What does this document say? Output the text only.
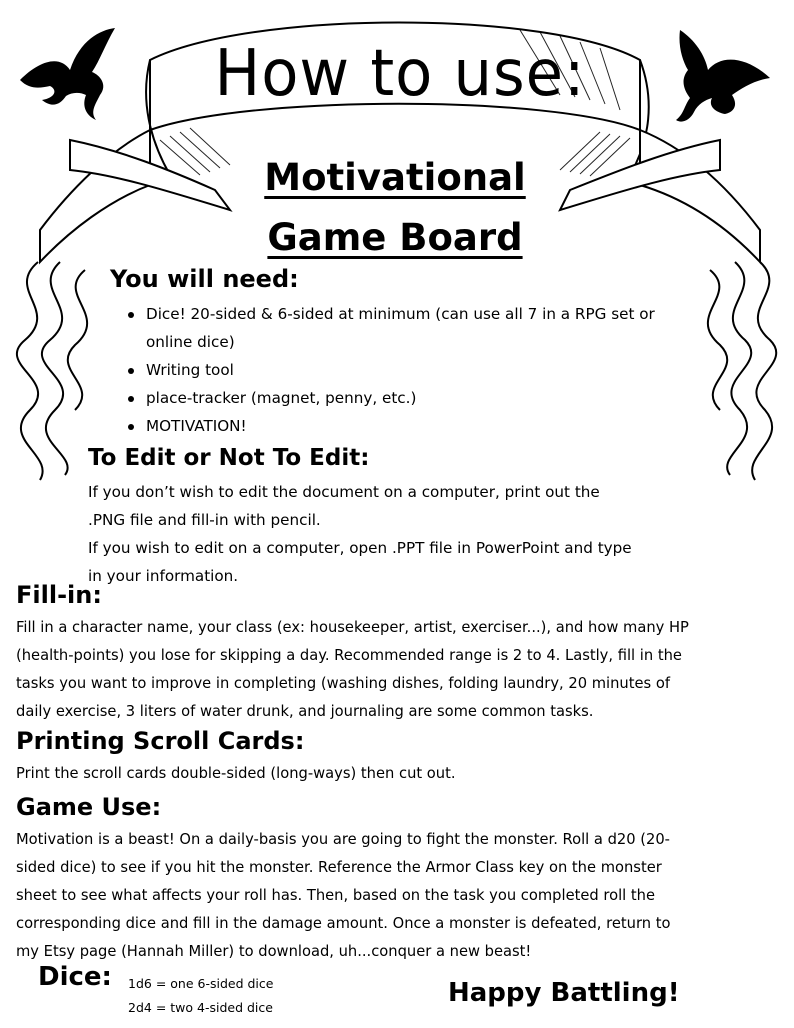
How to use:
Motivational
Game Board
You will need:
Dice! 20-sided & 6-sided at minimum (can use all 7 in a RPG set or online dice)
Writing tool
place-tracker (magnet, penny, etc.)
MOTIVATION!
To Edit or Not To Edit:
If you don’t wish to edit the document on a computer, print out the
.PNG file and fill-in with pencil.
If you wish to edit on a computer, open .PPT file in PowerPoint and type
in your information.
Fill-in:
Fill in a character name, your class (ex: housekeeper, artist, exerciser...), and how many HP
(health-points) you lose for skipping a day. Recommended range is 2 to 4. Lastly, fill in the
tasks you want to improve in completing (washing dishes, folding laundry, 20 minutes of
daily exercise, 3 liters of water drunk, and journaling are some common tasks.
Printing Scroll Cards:
Print the scroll cards double-sided (long-ways) then cut out.
Game Use:
Motivation is a beast! On a daily-basis you are going to fight the monster. Roll a d20 (20-
sided dice) to see if you hit the monster. Reference the Armor Class key on the monster
sheet to see what affects your roll has. Then, based on the task you completed roll the
corresponding dice and fill in the damage amount. Once a monster is defeated, return to
my Etsy page (Hannah Miller) to download, uh...conquer a new beast!
Dice: 1d6 = one 6-sided dice
2d4 = two 4-sided dice	Happy Battling!
